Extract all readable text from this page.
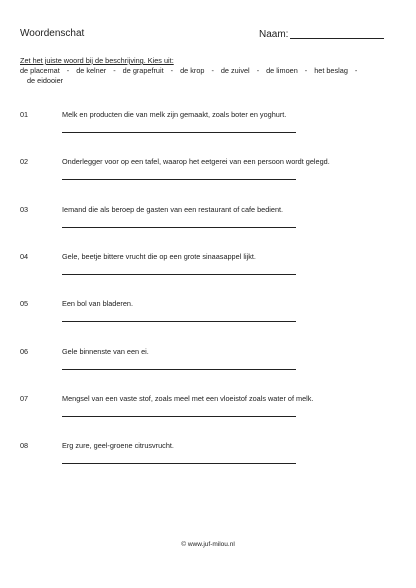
Woordenschat	Naam:
Zet het juiste woord bij de beschrijving. Kies uit:
de placemat - de kelner - de grapefruit - de krop - de zuivel - de limoen - het beslag -
de eidooier
01	Melk en producten die van melk zijn gemaakt, zoals boter en yoghurt.
02	Onderlegger voor op een tafel, waarop het eetgerei van een persoon wordt gelegd.
03	Iemand die als beroep de gasten van een restaurant of cafe bedient.
04	Gele, beetje bittere vrucht die op een grote sinaasappel lijkt.
05	Een bol van bladeren.
06	Gele binnenste van een ei.
07	Mengsel van een vaste stof, zoals meel met een vloeistof zoals water of melk.
08	Erg zure, geel-groene citrusvrucht.
© www.juf-milou.nl
